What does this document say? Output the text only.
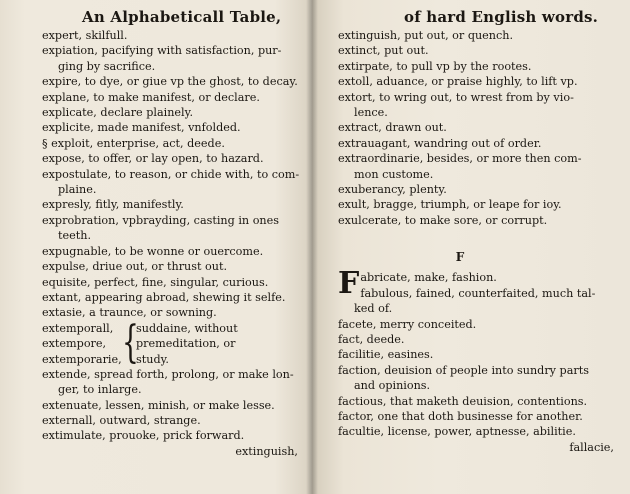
An Alphabeticall Table,
expert, skilfull.
expiation, pacifying with satisfaction, pur-
ging by sacrifice.
expire, to dye, or giue vp the ghost, to decay.
explane, to make manifest, or declare.
explicate, declare plainely.
explicite, made manifest, vnfolded.
§ exploit, enterprise, act, deede.
expose, to offer, or lay open, to hazard.
expostulate, to reason, or chide with, to com-
plaine.
expresly, fitly, manifestly.
exprobration, vpbrayding, casting in ones
teeth.
expugnable, to be wonne or ouercome.
expulse, driue out, or thrust out.
equisite, perfect, fine, singular, curious.
extant, appearing abroad, shewing it selfe.
extasie, a traunce, or sowning.
extemporall,
extempore,
extemporarie, {
suddaine, without
premeditation, or
study.
extende, spread forth, prolong, or make lon-
ger, to inlarge.
extenuate, lessen, minish, or make lesse.
externall, outward, strange.
extimulate, prouoke, prick forward.
extinguish,
of hard English words.
extinguish, put out, or quench.
extinct, put out.
extirpate, to pull vp by the rootes.
extoll, aduance, or praise highly, to lift vp.
extort, to wring out, to wrest from by vio-
lence.
extract, drawn out.
extrauagant, wandring out of order.
extraordinarie, besides, or more then com-
mon custome.
exuberancy, plenty.
exult, bragge, triumph, or leape for ioy.
exulcerate, to make sore, or corrupt.
F
Fabricate, make, fashion.
fabulous, fained, counterfaited, much tal-
ked of.
facete, merry conceited.
fact, deede.
facilitie, easines.
faction, deuision of people into sundry parts
and opinions.
factious, that maketh deuision, contentions.
factor, one that doth businesse for another.
facultie, license, power, aptnesse, abilitie.
fallacie,
